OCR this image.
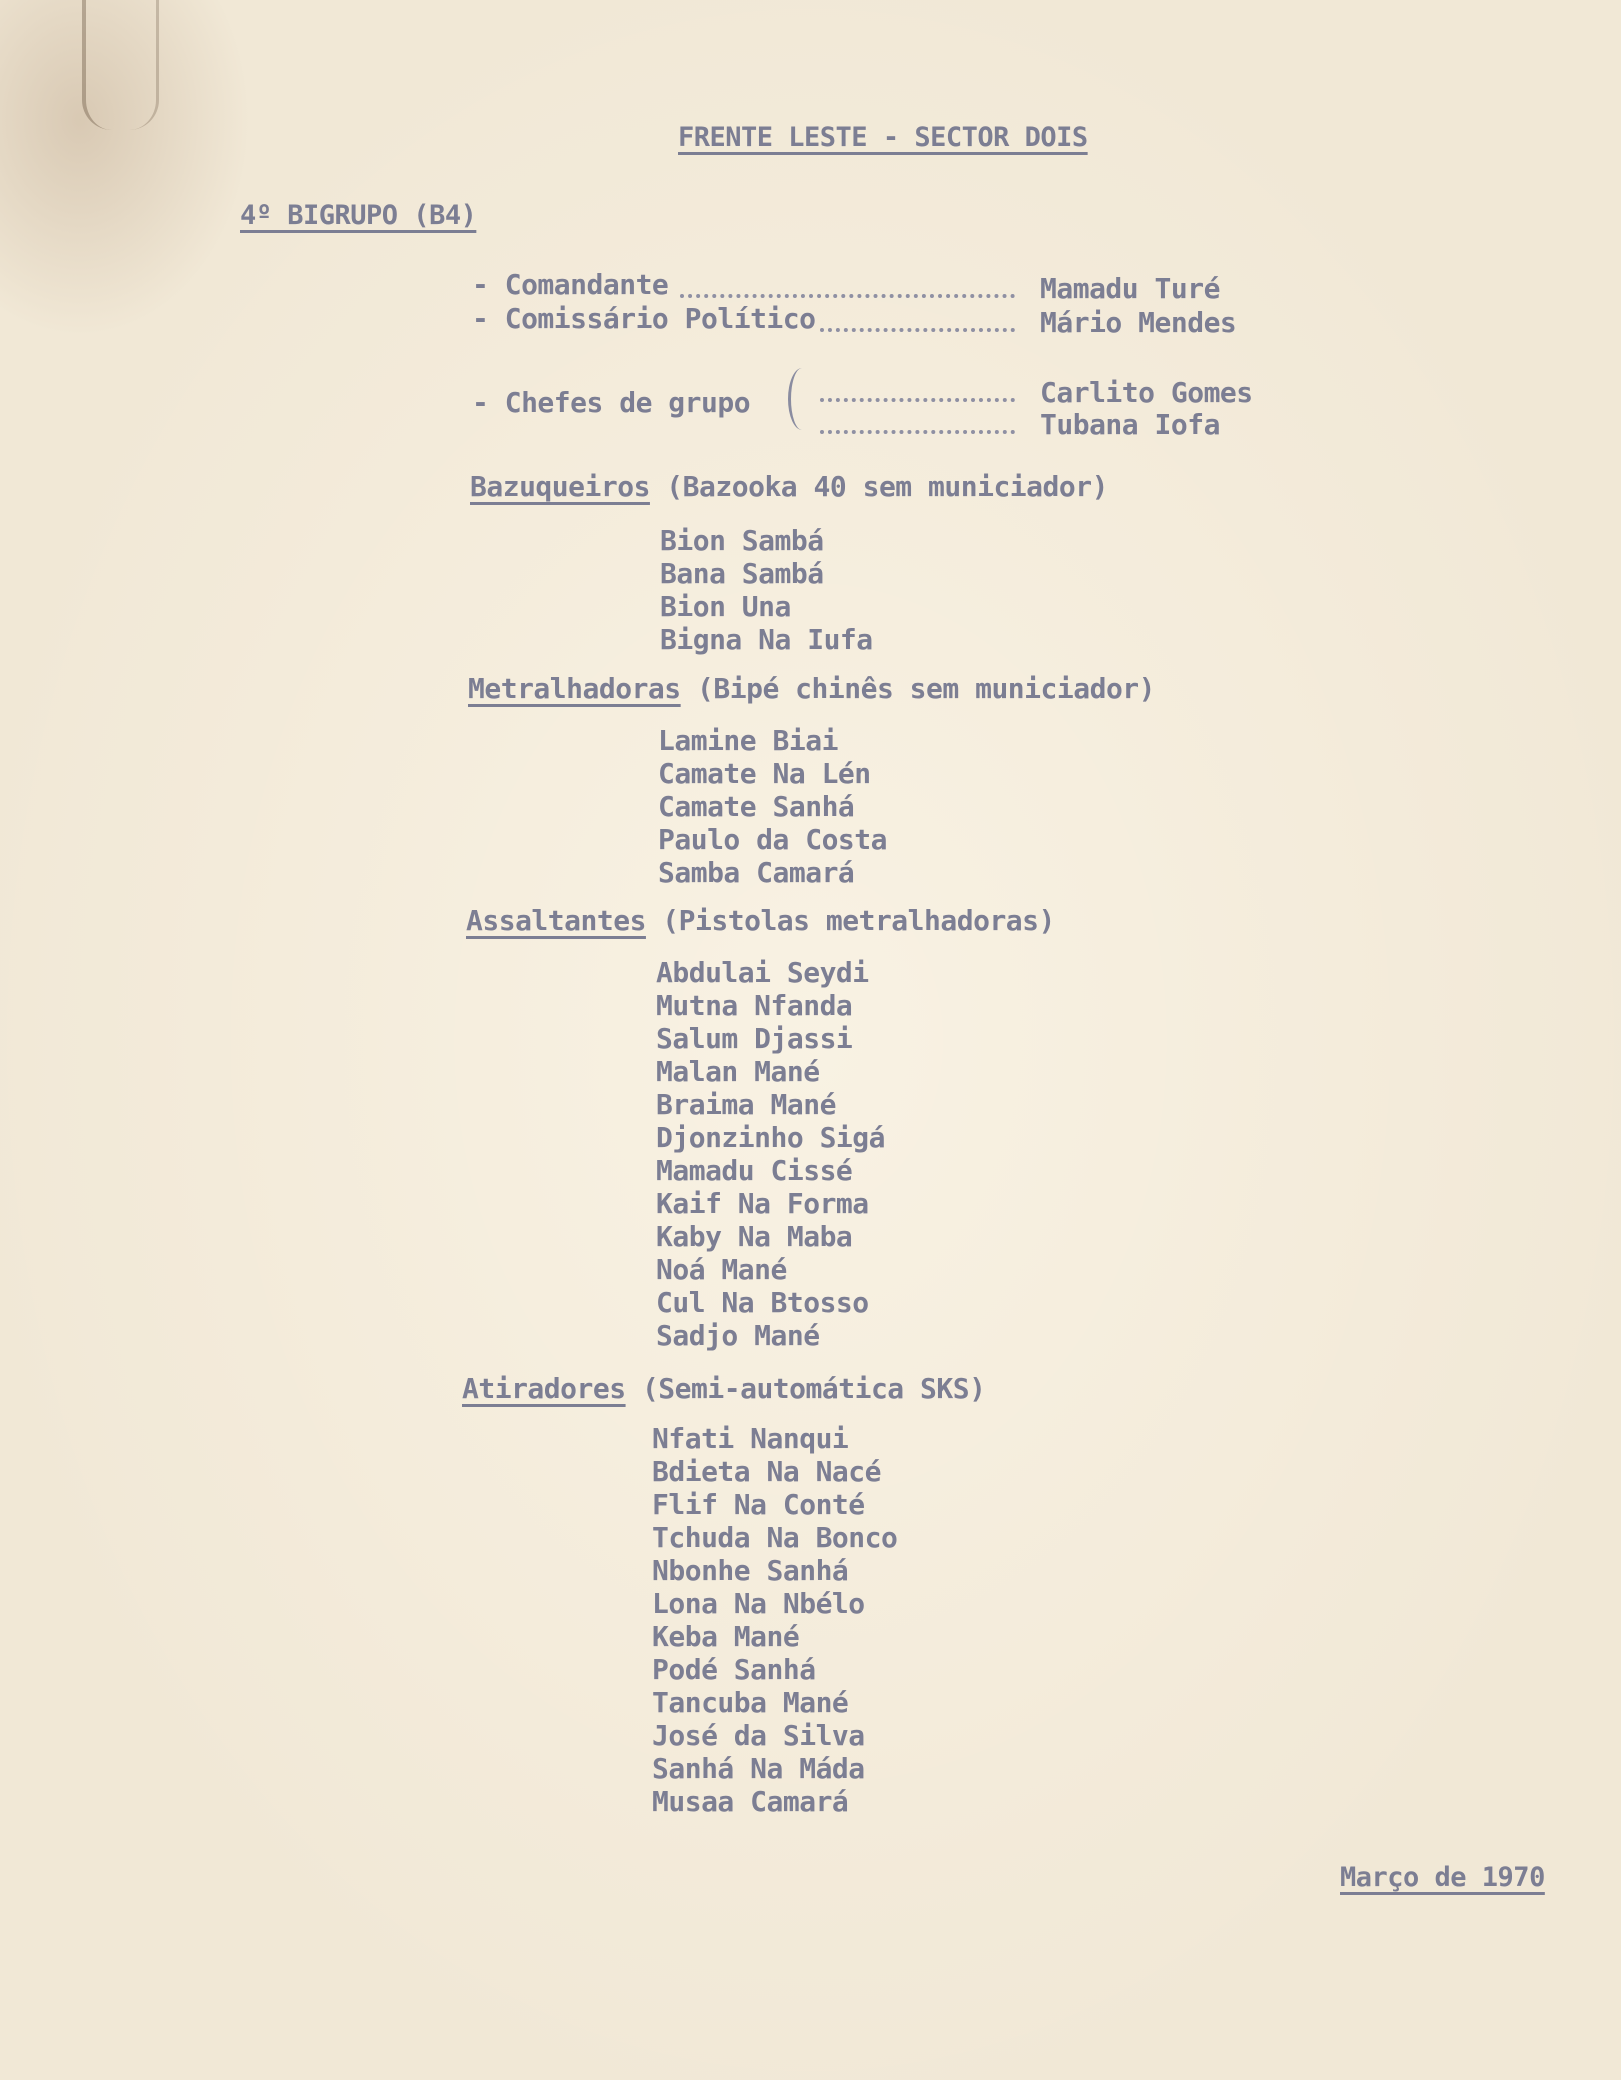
FRENTE LESTE - SECTOR DOIS
4º BIGRUPO (B4)
- Comandante	Mamadu Turé
- Comissário Político	Mário Mendes
- Chefes de grupo	Carlito Gomes
Tubana Iofa
Bazuqueiros (Bazooka 40 sem municiador)
Bion Sambá
Bana Sambá
Bion Una
Bigna Na Iufa
Metralhadoras (Bipé chinês sem municiador)
Lamine Biai
Camate Na Lén
Camate Sanhá
Paulo da Costa
Samba Camará
Assaltantes (Pistolas metralhadoras)
Abdulai Seydi
Mutna Nfanda
Salum Djassi
Malan Mané
Braima Mané
Djonzinho Sigá
Mamadu Cissé
Kaif Na Forma
Kaby Na Maba
Noá Mané
Cul Na Btosso
Sadjo Mané
Atiradores (Semi-automática SKS)
Nfati Nanqui
Bdieta Na Nacé
Flif Na Conté
Tchuda Na Bonco
Nbonhe Sanhá
Lona Na Nbélo
Keba Mané
Podé Sanhá
Tancuba Mané
José da Silva
Sanhá Na Máda
Musaa Camará
Março de 1970
